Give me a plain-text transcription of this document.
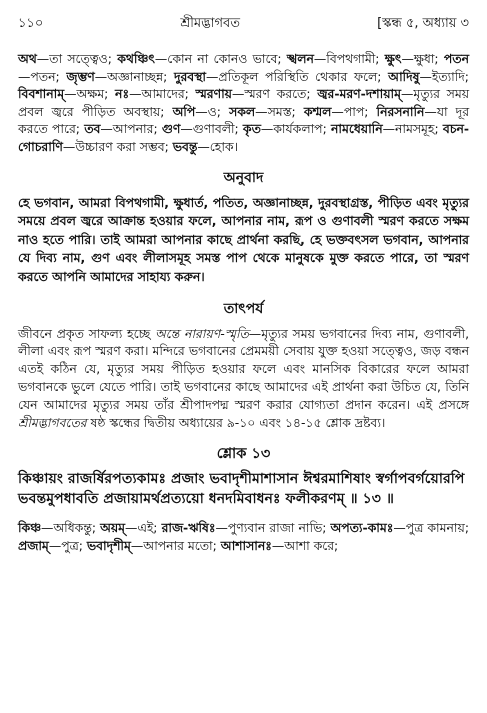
১১০	শ্রীমদ্ভাগবত	[স্কন্ধ ৫, অধ্যায় ৩

অথ—তা সত্ত্বেও; কথঞ্চিৎ—কোন না কোনও ভাবে; স্খলন—বিপথগামী; ক্ষুৎ—ক্ষুধা; পতন—পতন; জৃম্ভণ—অজ্ঞানাচ্ছন্ন; দুরবস্থা—প্রতিকূল পরিস্থিতি থেকার ফলে; আদিষু—ইত্যাদি; বিবশানাম্—অক্ষম; নঃ—আমাদের; স্মরণায়—স্মরণ করতে; জ্বর-মরণ-দশায়াম্—মৃত্যুর সময় প্রবল জ্বরে পীড়িত অবস্থায়; অপি—ও; সকল—সমস্ত; কশ্মল—পাপ; নিরসনানি—যা দূর করতে পারে; তব—আপনার; গুণ—গুণাবলী; কৃত—কার্যকলাপ; নামধেয়ানি—নামসমূহ; বচন-গোচরাণি—উচ্চারণ করা সম্ভব; ভবন্তু—হোক।

অনুবাদ

হে ভগবান, আমরা বিপথগামী, ক্ষুধার্ত, পতিত, অজ্ঞানাচ্ছন্ন, দুরবস্থাগ্রস্ত, পীড়িত এবং মৃত্যুর সময়ে প্রবল জ্বরে আক্রান্ত হওয়ার ফলে, আপনার নাম, রূপ ও গুণাবলী স্মরণ করতে সক্ষম নাও হতে পারি। তাই আমরা আপনার কাছে প্রার্থনা করছি, হে ভক্তবৎসল ভগবান, আপনার যে দিব্য নাম, গুণ এবং লীলাসমূহ সমস্ত পাপ থেকে মানুষকে মুক্ত করতে পারে, তা স্মরণ করতে আপনি আমাদের সাহায্য করুন।

তাৎপর্য

জীবনে প্রকৃত সাফল্য হচ্ছে অন্তে নারায়ণ-স্মৃতি—মৃত্যুর সময় ভগবানের দিব্য নাম, গুণাবলী, লীলা এবং রূপ স্মরণ করা। মন্দিরে ভগবানের প্রেমময়ী সেবায় যুক্ত হওয়া সত্ত্বেও, জড় বন্ধন এতই কঠিন যে, মৃত্যুর সময় পীড়িত হওয়ার ফলে এবং মানসিক বিকারের ফলে আমরা ভগবানকে ভুলে যেতে পারি। তাই ভগবানের কাছে আমাদের এই প্রার্থনা করা উচিত যে, তিনি যেন আমাদের মৃত্যুর সময় তাঁর শ্রীপাদপদ্ম স্মরণ করার যোগ্যতা প্রদান করেন। এই প্রসঙ্গে শ্রীমদ্ভাগবতের ষষ্ঠ স্কন্ধের দ্বিতীয় অধ্যায়ের ৯-১০ এবং ১৪-১৫ শ্লোক দ্রষ্টব্য।

শ্লোক ১৩

কিঞ্চায়ং রাজর্ষিরপত্যকামঃ প্রজাং ভবাদৃশীমাশাসান ঈশ্বরমাশিষাং স্বর্গাপবর্গয়োরপি ভবন্তমুপধাবতি প্রজায়ামর্থপ্রত্যয়ো ধনদমিবাধনঃ ফলীকরণম্ ॥ ১৩ ॥

কিঞ্চ—অধিকন্তু; অয়ম্—এই; রাজ-ঋষিঃ—পুণ্যবান রাজা নাভি; অপত্য-কামঃ—পুত্র কামনায়; প্রজাম্—পুত্র; ভবাদৃশীম্—আপনার মতো; আশাসানঃ—আশা করে;
